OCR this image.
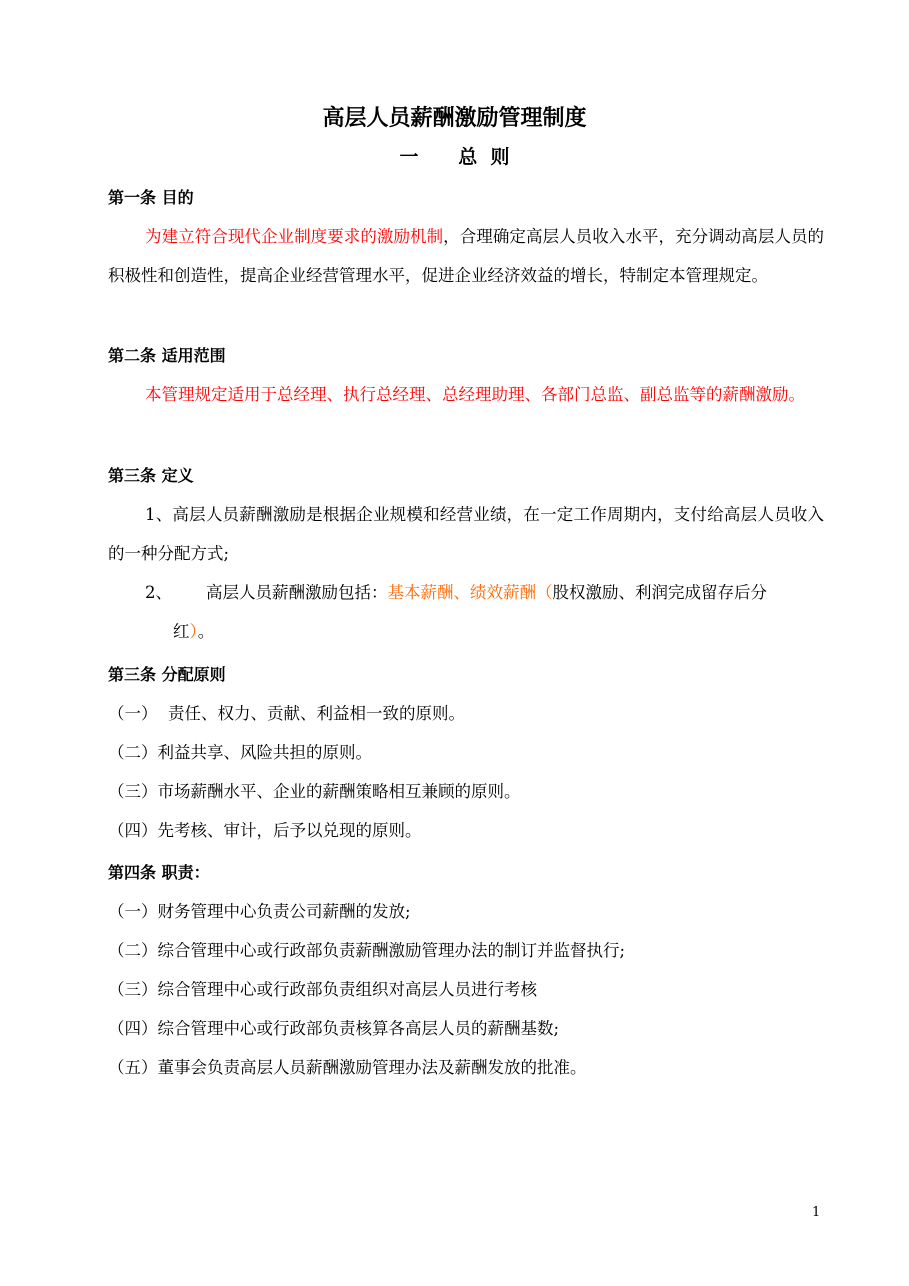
高层人员薪酬激励管理制度
一      总  则
第一条 目的
为建立符合现代企业制度要求的激励机制，合理确定高层人员收入水平，充分调动高层人员的积极性和创造性，提高企业经营管理水平，促进企业经济效益的增长，特制定本管理规定。
第二条 适用范围
本管理规定适用于总经理、执行总经理、总经理助理、各部门总监、副总监等的薪酬激励。
第三条 定义
1、高层人员薪酬激励是根据企业规模和经营业绩，在一定工作周期内，支付给高层人员收入的一种分配方式;
2、 高层人员薪酬激励包括：基本薪酬、绩效薪酬（股权激励、利润完成留存后分
红）。
第三条 分配原则
（一）  责任、权力、贡献、利益相一致的原则。
（二）利益共享、风险共担的原则。
（三）市场薪酬水平、企业的薪酬策略相互兼顾的原则。
（四）先考核、审计，后予以兑现的原则。
第四条 职责：
（一）财务管理中心负责公司薪酬的发放;
（二）综合管理中心或行政部负责薪酬激励管理办法的制订并监督执行;
（三）综合管理中心或行政部负责组织对高层人员进行考核
（四）综合管理中心或行政部负责核算各高层人员的薪酬基数;
（五）董事会负责高层人员薪酬激励管理办法及薪酬发放的批准。
1
